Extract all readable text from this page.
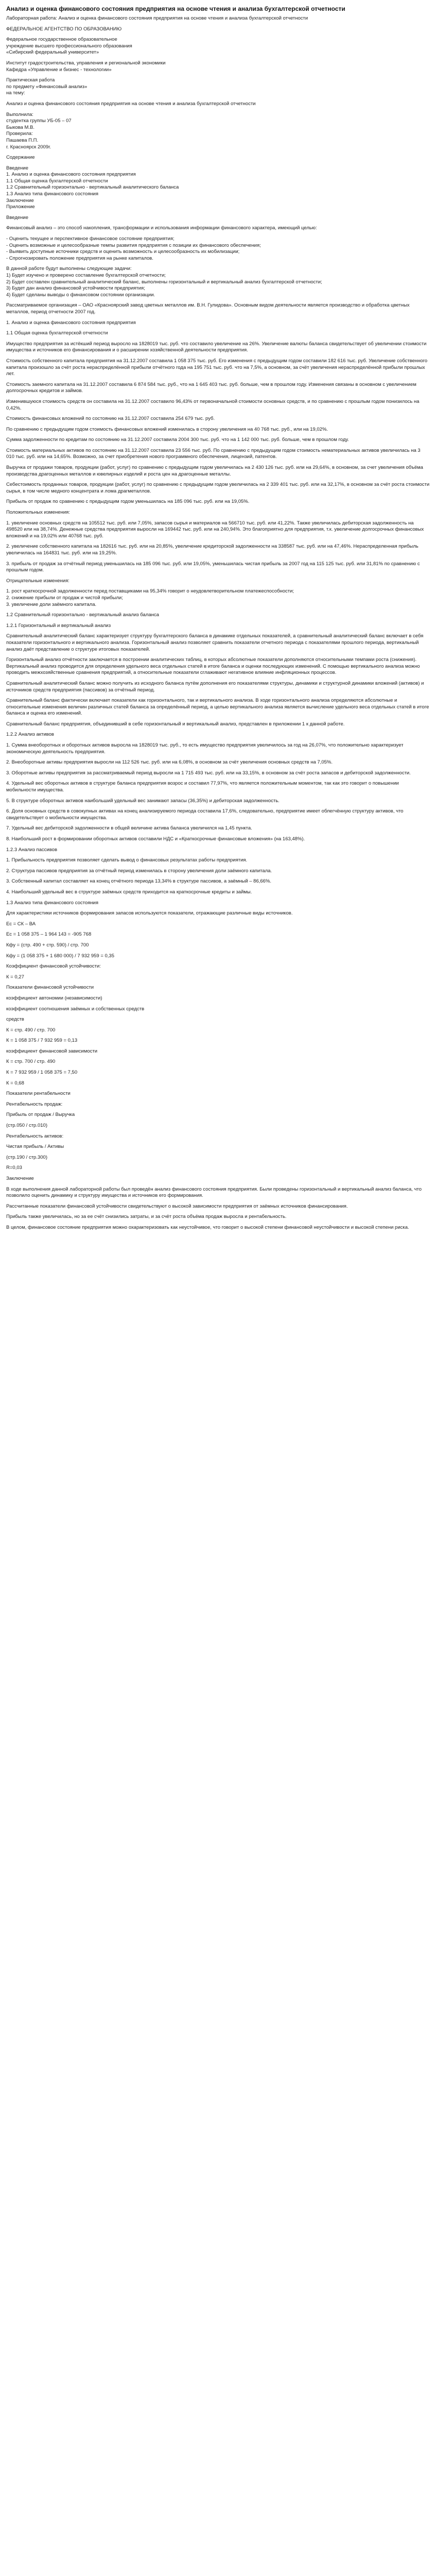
Анализ и оценка финансового состояния предприятия на основе чтения и анализа бухгалтерской отчетности

Лабораторная работа: Анализ и оценка финансового состояния предприятия на основе чтения и анализа бухгалтерской отчетности

ФЕДЕРАЛЬНОЕ АГЕНТСТВО ПО ОБРАЗОВАНИЮ

Федеральное государственное образовательное
учреждение высшего профессионального образования
«Сибирский федеральный университет»

Институт градостроительства, управления и региональной экономики
Кафедра «Управление и бизнес - технологии»

Практическая работа
по предмету «Финансовый анализ»
на тему:

Анализ и оценка финансового состояния предприятия на основе чтения и анализа бухгалтерской отчетности

Выполнила:
студентка группы УБ-05 – 07
Быкова М.В.
Проверила:
Пашаева П.П.
г. Красноярск 2009г.

Содержание

Введение
1. Анализ и оценка финансового состояния предприятия
1.1 Общая оценка бухгалтерской отчетности
1.2 Сравнительный горизонтально - вертикальный аналитического баланса
1.3 Анализ типа финансового состояния
Заключение
Приложение

Введение

Финансовый анализ – это способ накопления, трансформации и использования информации финансового характера, имеющий целью:

- Оценить текущее и перспективное финансовое состояние предприятия;
- Оценить возможные и целесообразные темпы развития предприятия с позиции их финансового обеспечения;
- Выявить доступные источники средств и оценить возможность и целесообразность их мобилизации;
- Спрогнозировать положение предприятия на рынке капиталов.

В данной работе будут выполнены следующие задачи:
1) Будет изучено и проверено составление бухгалтерской отчетности;
2) Будет составлен сравнительный аналитический баланс, выполнены горизонтальный и вертикальный анализ бухгалтерской отчетности;
3) Будет дан анализ финансовой устойчивости предприятия;
4) Будет сделаны выводы о финансовом состоянии организации.

Рассматриваемое организация – ОАО «Красноярский завод цветных металлов им. В.Н. Гулидова». Основным видом деятельности является производство и обработка цветных металлов, период отчетности 2007 год.

1. Анализ и оценка финансового состояния предприятия

1.1 Общая оценка бухгалтерской отчетности

Имущество предприятия за истёкший период выросло на 1828019 тыс. руб. что составило увеличение на 26%. Увеличение валюты баланса свидетельствует об увеличении стоимости имущества и источников его финансирования и о расширении хозяйственной деятельности предприятия.

Стоимость собственного капитала предприятия на 31.12.2007 составила 1 058 375 тыс. руб. Его изменения с предыдущим годом составили 182 616 тыс. руб. Увеличение собственного капитала произошло за счёт роста нераспределённой прибыли отчётного года на 195 751 тыс. руб. что на 7,5%, а основном, за счёт увеличения нераспределённой прибыли прошлых лет.

Стоимость заемного капитала на 31.12.2007 составила 6 874 584 тыс. руб., что на 1 645 403 тыс. руб. больше, чем в прошлом году. Изменения связаны в основном с увеличением долгосрочных кредитов и займов.

Изменившуюся стоимость средств он составила на 31.12.2007 составило 96,43% от первоначальной стоимости основных средств, и по сравнению с прошлым годом понизилось на 0,42%.

Стоимость финансовых вложений по состоянию на 31.12.2007 составила 254 679 тыс. руб.

По сравнению с предыдущим годом стоимость финансовых вложений изменилась в сторону увеличения на 40 768 тыс. руб., или на 19,02%.

Сумма задолженности по кредитам по состоянию на 31.12.2007 составила 2004 300 тыс. руб. что на 1 142 000 тыс. руб. больше, чем в прошлом году.

Стоимость материальных активов по состоянию на 31.12.2007 составила 23 556 тыс. руб. По сравнению с предыдущим годом стоимость нематериальных активов увеличилась на 3 010 тыс. руб. или на 14,65%. Возможно, за счет приобретения нового программного обеспечения, лицензий, патентов.

Выручка от продажи товаров, продукции (работ, услуг) по сравнению с предыдущим годом увеличилась на 2 430 126 тыс. руб. или на 29,64%, в основном, за счет увеличения объёма производства драгоценных металлов и ювелирных изделий и роста цен на драгоценные металлы.

Себестоимость проданных товаров, продукции (работ, услуг) по сравнению с предыдущим годом увеличилась на 2 339 401 тыс. руб. или на 32,17%, в основном за счёт роста стоимости сырья, в том числе медного концентрата и лома драгметаллов.

Прибыль от продаж по сравнению с предыдущим годом уменьшилась на 185 096 тыс. руб. или на 19,05%.

Положительных изменения:

1. увеличение основных средств на 105512 тыс. руб. или 7,05%, запасов сырья и материалов на 566710 тыс. руб. или 41,22%. Также увеличилась дебиторская задолженность на 498520 или на 38,74%. Денежные средства предприятия выросли на 169442 тыс. руб. или на 240,94%. Это благоприятно для предприятия, т.к. увеличение долгосрочных финансовых вложений и на 19,02% или 40768 тыс. руб.

2. увеличение собственного капитала на 182616 тыс. руб. или на 20,85%, увеличение кредиторской задолженности на 338587 тыс. руб. или на 47,46%. Нераспределенная прибыль увеличилась на 164831 тыс. руб. или на 19,25%.

3. прибыль от продаж за отчётный период уменьшилась на 185 096 тыс. руб. или 19,05%, уменьшилась чистая прибыль за 2007 год на 115 125 тыс. руб. или 31,81% по сравнению с прошлым годом.

Отрицательные изменения:

1. рост краткосрочной задолженности перед поставщиками на 95,34% говорит о неудовлетворительном платежеспособности;
2. снижение прибыли от продаж и чистой прибыли;
3. увеличение доли заёмного капитала.

1.2 Сравнительный горизонтально - вертикальный анализ баланса

1.2.1 Горизонтальный и вертикальный анализ

Сравнительный аналитический баланс характеризует структуру бухгалтерского баланса в динамике отдельных показателей, а сравнительный аналитический баланс включает в себя показатели горизонтального и вертикального анализа. Горизонтальный анализ позволяет сравнить показатели отчетного периода с показателями прошлого периода, вертикальный анализ даёт представление о структуре итоговых показателей.

Горизонтальный анализ отчётности заключается в построении аналитических таблиц, в которых абсолютные показатели дополняются относительными темпами роста (снижения). Вертикальный анализ проводится для определения удельного веса отдельных статей в итоге баланса и оценки последующих изменений. С помощью вертикального анализа можно проводить межхозяйственные сравнения предприятий, а относительные показатели сглаживают негативное влияние инфляционных процессов.

Сравнительный аналитический баланс можно получить из исходного баланса путём дополнения его показателями структуры, динамики и структурной динамики вложений (активов) и источников средств предприятия (пассивов) за отчётный период.

Сравнительный баланс фактически включает показатели как горизонтального, так и вертикального анализа. В ходе горизонтального анализа определяются абсолютные и относительные изменения величин различных статей баланса за определённый период, а целью вертикального анализа является вычисление удельного веса отдельных статей в итоге баланса и оценка его изменений.

Сравнительный баланс предприятия, объединивший в себе горизонтальный и вертикальный анализ, представлен в приложении 1 к данной работе.

1.2.2 Анализ активов

1. Сумма внеоборотных и оборотных активов выросла на 1828019 тыс. руб., то есть имущество предприятия увеличилось за год на 26,07%, что положительно характеризует экономическую деятельность предприятия.

2. Внеоборотные активы предприятия выросли на 112 526 тыс. руб. или на 6,08%, в основном за счёт увеличения основных средств на 7,05%.

3. Оборотные активы предприятия за рассматриваемый период выросли на 1 715 493 тыс. руб. или на 33,15%, в основном за счёт роста запасов и дебиторской задолженности.

4. Удельный вес оборотных активов в структуре баланса предприятия возрос и составил 77,97%, что является положительным моментом, так как это говорит о повышении мобильности имущества.

5. В структуре оборотных активов наибольший удельный вес занимают запасы (36,35%) и дебиторская задолженность.

6. Доля основных средств в совокупных активах на конец анализируемого периода составила 17,6%, следовательно, предприятие имеет облегчённую структуру активов, что свидетельствует о мобильности имущества.

7. Удельный вес дебиторской задолженности в общей величине актива баланса увеличился на 1,45 пункта.

8. Наибольший рост в формировании оборотных активов составили НДС и «Краткосрочные финансовые вложения» (на 163,48%).

1.2.3 Анализ пассивов

1. Прибыльность предприятия позволяет сделать вывод о финансовых результатах работы предприятия.

2. Структура пассивов предприятия за отчётный период изменилась в сторону увеличения доли заёмного капитала.

3. Собственный капитал составляет на конец отчётного периода 13,34% в структуре пассивов, а заёмный – 86,66%.

4. Наибольший удельный вес в структуре заёмных средств приходится на краткосрочные кредиты и займы.

1.3 Анализ типа финансового состояния

Для характеристики источников формирования запасов используются показатели, отражающие различные виды источников.

Ес = СК – ВА

Ес = 1 058 375 – 1 964 143 = -905 768

Кфу = (стр. 490 + стр. 590) / стр. 700

Кфу = (1 058 375 + 1 680 000) / 7 932 959 = 0,35

Коэффициент финансовой устойчивости:

К = 0,27

Показатели финансовой устойчивости

коэффициент автономии (независимости)

коэффициент соотношения заёмных и собственных средств

средств

К = стр. 490 / стр. 700

К = 1 058 375 / 7 932 959 = 0,13

коэффициент финансовой зависимости

К = стр. 700 / стр. 490

К = 7 932 959 / 1 058 375 = 7,50

К = 0,68

Показатели рентабельности

Рентабельность продаж:

Прибыль от продаж / Выручка

(стр.050 / стр.010)

Рентабельность активов:

Чистая прибыль / Активы

(стр.190 / стр.300)

R=0,03

Заключение

В ходе выполнения данной лабораторной работы был проведён анализ финансового состояния предприятия. Были проведены горизонтальный и вертикальный анализ баланса, что позволило оценить динамику и структуру имущества и источников его формирования.

Рассчитанные показатели финансовой устойчивости свидетельствуют о высокой зависимости предприятия от заёмных источников финансирования.

Прибыль также увеличилась, но за ее счёт снизились затраты, и за счёт роста объёма продаж выросла и рентабельность.

В целом, финансовое состояние предприятия можно охарактеризовать как неустойчивое, что говорит о высокой степени финансовой неустойчивости и высокой степени риска.
